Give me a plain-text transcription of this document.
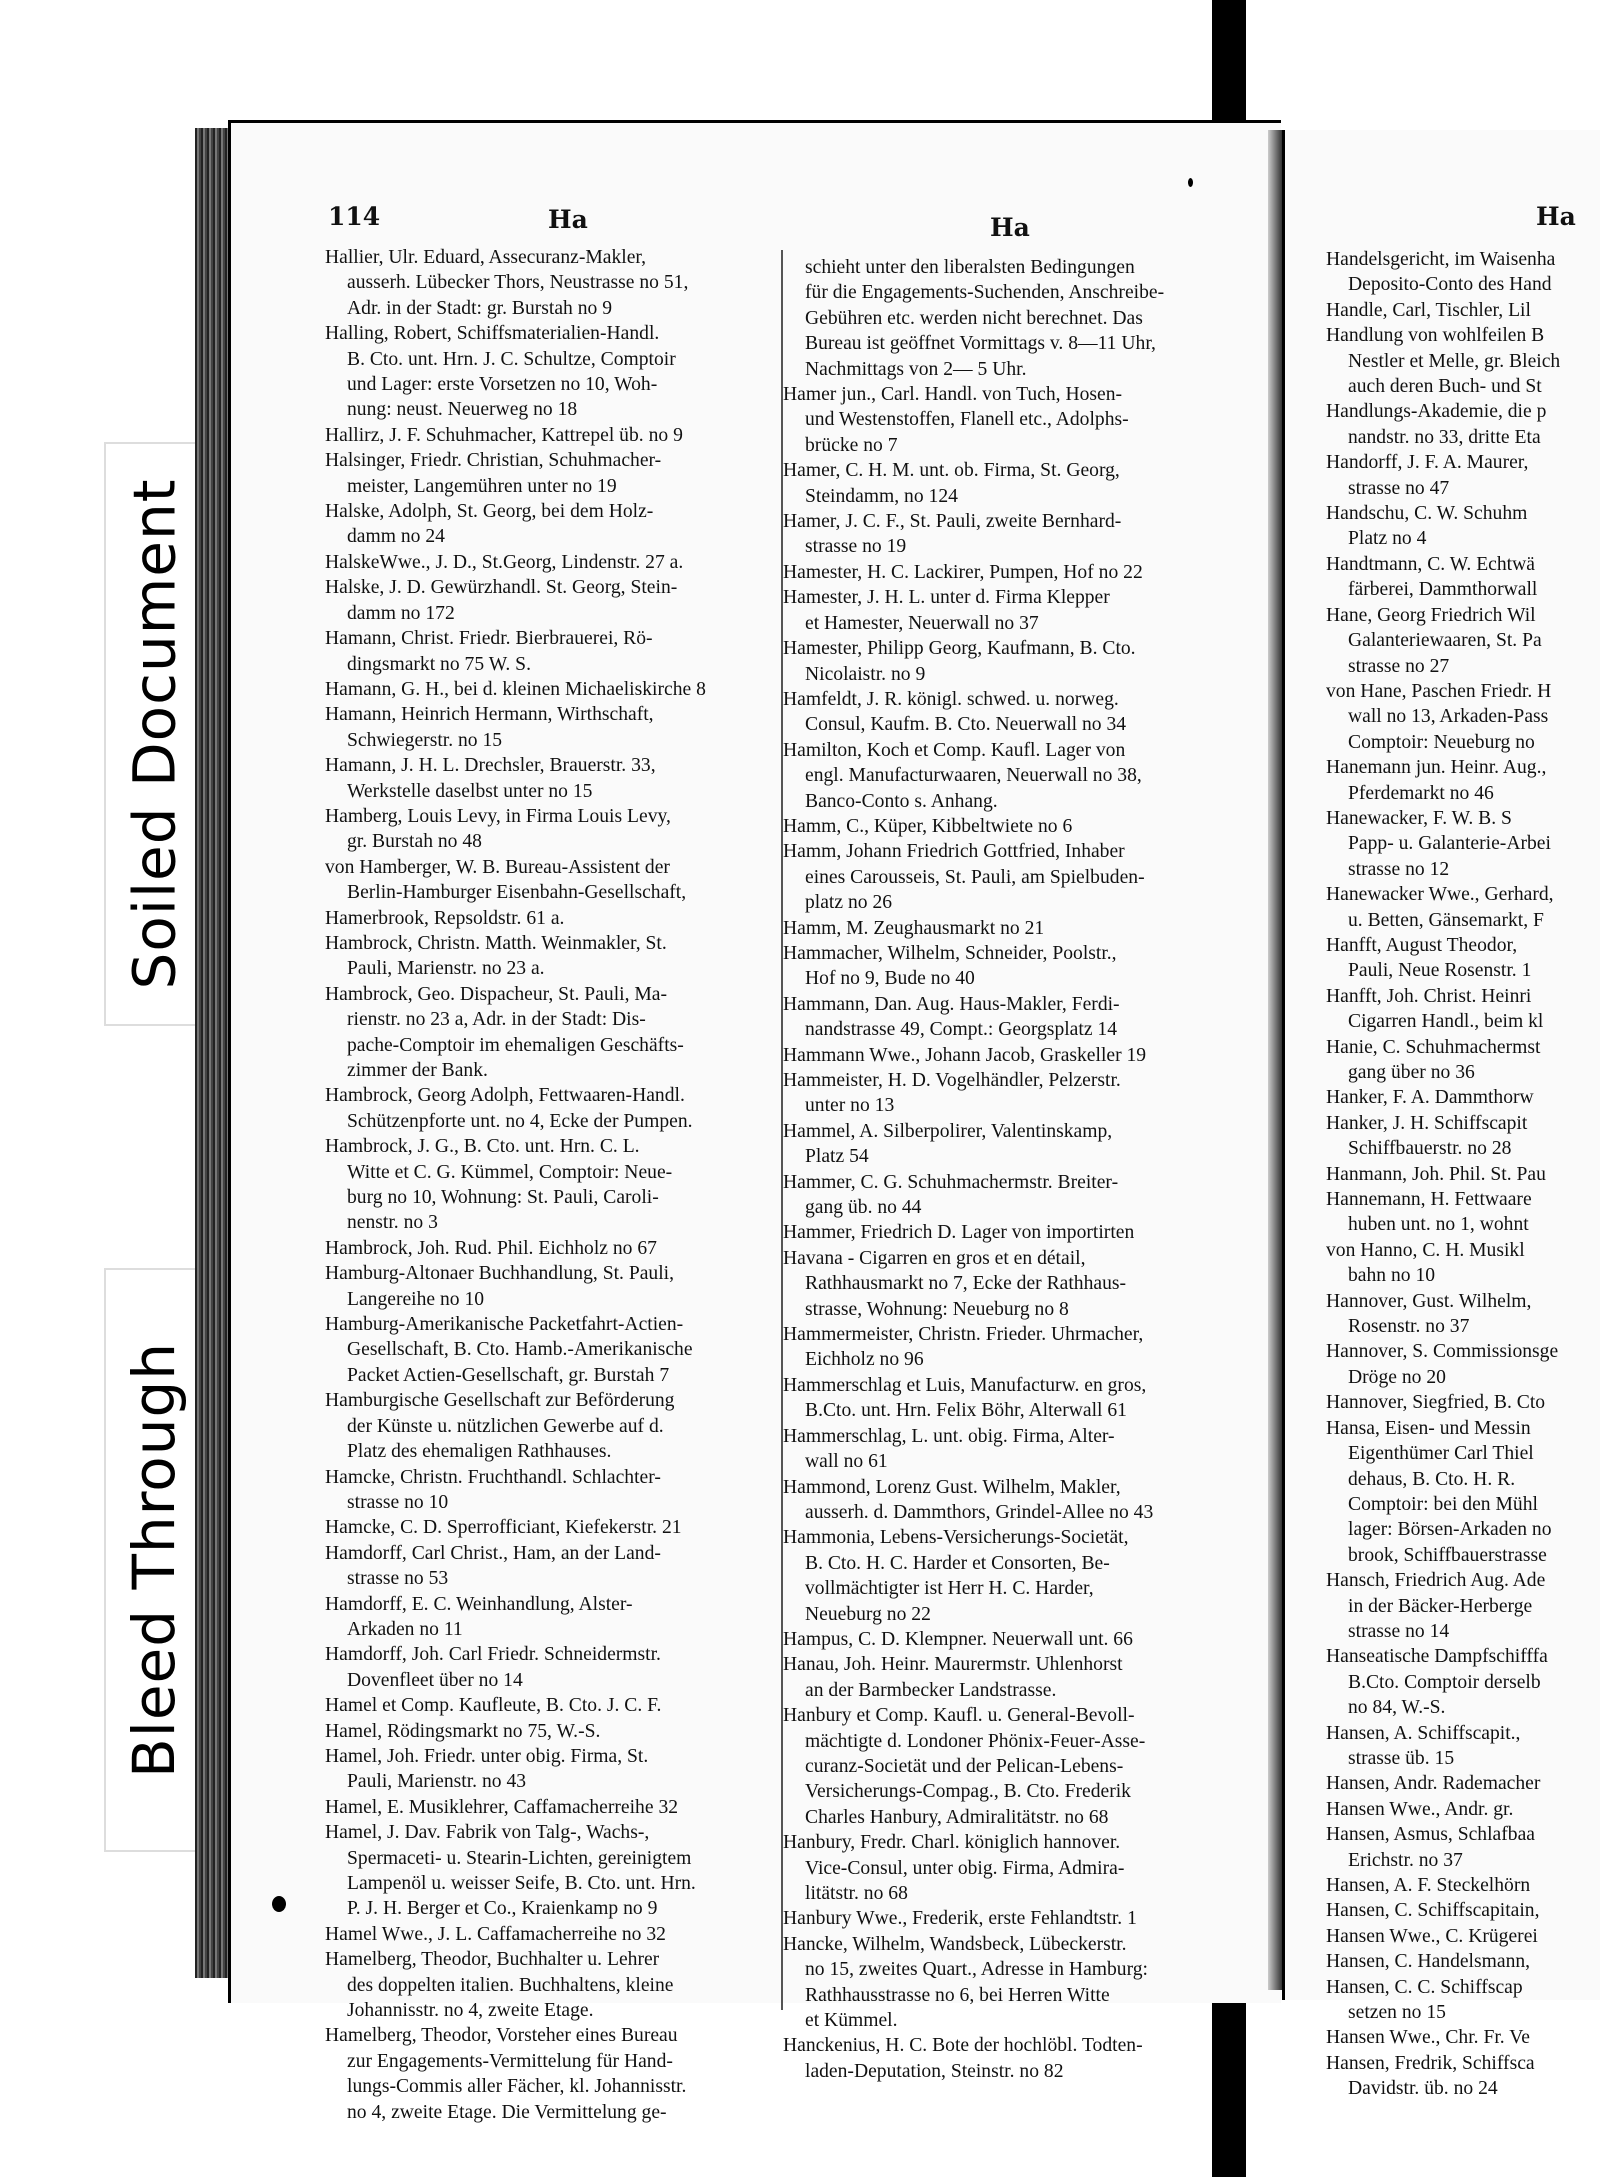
Soiled Document
Bleed Through
114	Ha	Ha	Ha
Hallier, Ulr. Eduard, Assecuranz-Makler,
ausserh. Lübecker Thors, Neustrasse no 51,
Adr. in der Stadt: gr. Burstah no 9
Halling, Robert, Schiffsmaterialien-Handl.
B. Cto. unt. Hrn. J. C. Schultze, Comptoir
und Lager: erste Vorsetzen no 10, Woh-
nung: neust. Neuerweg no 18
Hallirz, J. F. Schuhmacher, Kattrepel üb. no 9
Halsinger, Friedr. Christian, Schuhmacher-
meister, Langemühren unter no 19
Halske, Adolph, St. Georg, bei dem Holz-
damm no 24
HalskeWwe., J. D., St.Georg, Lindenstr. 27 a.
Halske, J. D. Gewürzhandl. St. Georg, Stein-
damm no 172
Hamann, Christ. Friedr. Bierbrauerei, Rö-
dingsmarkt no 75 W. S.
Hamann, G. H., bei d. kleinen Michaeliskirche 8
Hamann, Heinrich Hermann, Wirthschaft,
Schwiegerstr. no 15
Hamann, J. H. L. Drechsler, Brauerstr. 33,
Werkstelle daselbst unter no 15
Hamberg, Louis Levy, in Firma Louis Levy,
gr. Burstah no 48
von Hamberger, W. B. Bureau-Assistent der
Berlin-Hamburger Eisenbahn-Gesellschaft,
Hamerbrook, Repsoldstr. 61 a.
Hambrock, Christn. Matth. Weinmakler, St.
Pauli, Marienstr. no 23 a.
Hambrock, Geo. Dispacheur, St. Pauli, Ma-
rienstr. no 23 a, Adr. in der Stadt: Dis-
pache-Comptoir im ehemaligen Geschäfts-
zimmer der Bank.
Hambrock, Georg Adolph, Fettwaaren-Handl.
Schützenpforte unt. no 4, Ecke der Pumpen.
Hambrock, J. G., B. Cto. unt. Hrn. C. L.
Witte et C. G. Kümmel, Comptoir: Neue-
burg no 10, Wohnung: St. Pauli, Caroli-
nenstr. no 3
Hambrock, Joh. Rud. Phil. Eichholz no 67
Hamburg-Altonaer Buchhandlung, St. Pauli,
Langereihe no 10
Hamburg-Amerikanische Packetfahrt-Actien-
Gesellschaft, B. Cto. Hamb.-Amerikanische
Packet Actien-Gesellschaft, gr. Burstah 7
Hamburgische Gesellschaft zur Beförderung
der Künste u. nützlichen Gewerbe auf d.
Platz des ehemaligen Rathhauses.
Hamcke, Christn. Fruchthandl. Schlachter-
strasse no 10
Hamcke, C. D. Sperrofficiant, Kiefekerstr. 21
Hamdorff, Carl Christ., Ham, an der Land-
strasse no 53
Hamdorff, E. C. Weinhandlung, Alster-
Arkaden no 11
Hamdorff, Joh. Carl Friedr. Schneidermstr.
Dovenfleet über no 14
Hamel et Comp. Kaufleute, B. Cto. J. C. F.
Hamel, Rödingsmarkt no 75, W.-S.
Hamel, Joh. Friedr. unter obig. Firma, St.
Pauli, Marienstr. no 43
Hamel, E. Musiklehrer, Caffamacherreihe 32
Hamel, J. Dav. Fabrik von Talg-, Wachs-,
Spermaceti- u. Stearin-Lichten, gereinigtem
Lampenöl u. weisser Seife, B. Cto. unt. Hrn.
P. J. H. Berger et Co., Kraienkamp no 9
Hamel Wwe., J. L. Caffamacherreihe no 32
Hamelberg, Theodor, Buchhalter u. Lehrer
des doppelten italien. Buchhaltens, kleine
Johannisstr. no 4, zweite Etage.
Hamelberg, Theodor, Vorsteher eines Bureau
zur Engagements-Vermittelung für Hand-
lungs-Commis aller Fächer, kl. Johannisstr.
no 4, zweite Etage. Die Vermittelung ge-
schieht unter den liberalsten Bedingungen
für die Engagements-Suchenden, Anschreibe-
Gebühren etc. werden nicht berechnet. Das
Bureau ist geöffnet Vormittags v. 8—11 Uhr,
Nachmittags von 2— 5 Uhr.
Hamer jun., Carl. Handl. von Tuch, Hosen-
und Westenstoffen, Flanell etc., Adolphs-
brücke no 7
Hamer, C. H. M. unt. ob. Firma, St. Georg,
Steindamm, no 124
Hamer, J. C. F., St. Pauli, zweite Bernhard-
strasse no 19
Hamester, H. C. Lackirer, Pumpen, Hof no 22
Hamester, J. H. L. unter d. Firma Klepper
et Hamester, Neuerwall no 37
Hamester, Philipp Georg, Kaufmann, B. Cto.
Nicolaistr. no 9
Hamfeldt, J. R. königl. schwed. u. norweg.
Consul, Kaufm. B. Cto. Neuerwall no 34
Hamilton, Koch et Comp. Kaufl. Lager von
engl. Manufacturwaaren, Neuerwall no 38,
Banco-Conto s. Anhang.
Hamm, C., Küper, Kibbeltwiete no 6
Hamm, Johann Friedrich Gottfried, Inhaber
eines Carousseis, St. Pauli, am Spielbuden-
platz no 26
Hamm, M. Zeughausmarkt no 21
Hammacher, Wilhelm, Schneider, Poolstr.,
Hof no 9, Bude no 40
Hammann, Dan. Aug. Haus-Makler, Ferdi-
nandstrasse 49, Compt.: Georgsplatz 14
Hammann Wwe., Johann Jacob, Graskeller 19
Hammeister, H. D. Vogelhändler, Pelzerstr.
unter no 13
Hammel, A. Silberpolirer, Valentinskamp,
Platz 54
Hammer, C. G. Schuhmachermstr. Breiter-
gang üb. no 44
Hammer, Friedrich D. Lager von importirten
Havana - Cigarren en gros et en détail,
Rathhausmarkt no 7, Ecke der Rathhaus-
strasse, Wohnung: Neueburg no 8
Hammermeister, Christn. Frieder. Uhrmacher,
Eichholz no 96
Hammerschlag et Luis, Manufacturw. en gros,
B.Cto. unt. Hrn. Felix Böhr, Alterwall 61
Hammerschlag, L. unt. obig. Firma, Alter-
wall no 61
Hammond, Lorenz Gust. Wilhelm, Makler,
ausserh. d. Dammthors, Grindel-Allee no 43
Hammonia, Lebens-Versicherungs-Societät,
B. Cto. H. C. Harder et Consorten, Be-
vollmächtigter ist Herr H. C. Harder,
Neueburg no 22
Hampus, C. D. Klempner. Neuerwall unt. 66
Hanau, Joh. Heinr. Maurermstr. Uhlenhorst
an der Barmbecker Landstrasse.
Hanbury et Comp. Kaufl. u. General-Bevoll-
mächtigte d. Londoner Phönix-Feuer-Asse-
curanz-Societät und der Pelican-Lebens-
Versicherungs-Compag., B. Cto. Frederik
Charles Hanbury, Admiralitätstr. no 68
Hanbury, Fredr. Charl. königlich hannover.
Vice-Consul, unter obig. Firma, Admira-
litätstr. no 68
Hanbury Wwe., Frederik, erste Fehlandtstr. 1
Hancke, Wilhelm, Wandsbeck, Lübeckerstr.
no 15, zweites Quart., Adresse in Hamburg:
Rathhausstrasse no 6, bei Herren Witte
et Kümmel.
Hanckenius, H. C. Bote der hochlöbl. Todten-
laden-Deputation, Steinstr. no 82
Handelsgericht, im Waisenha
Deposito-Conto des Hand
Handle, Carl, Tischler, Lil
Handlung von wohlfeilen B
Nestler et Melle, gr. Bleich
auch deren Buch- und St
Handlungs-Akademie, die p
nandstr. no 33, dritte Eta
Handorff, J. F. A. Maurer,
strasse no 47
Handschu, C. W. Schuhm
Platz no 4
Handtmann, C. W. Echtwä
färberei, Dammthorwall
Hane, Georg Friedrich Wil
Galanteriewaaren, St. Pa
strasse no 27
von Hane, Paschen Friedr. H
wall no 13, Arkaden-Pass
Comptoir: Neueburg no
Hanemann jun. Heinr. Aug.,
Pferdemarkt no 46
Hanewacker, F. W. B. S
Papp- u. Galanterie-Arbei
strasse no 12
Hanewacker Wwe., Gerhard,
u. Betten, Gänsemarkt, F
Hanfft, August Theodor,
Pauli, Neue Rosenstr. 1
Hanfft, Joh. Christ. Heinri
Cigarren Handl., beim kl
Hanie, C. Schuhmachermst
gang über no 36
Hanker, F. A. Dammthorw
Hanker, J. H. Schiffscapit
Schiffbauerstr. no 28
Hanmann, Joh. Phil. St. Pau
Hannemann, H. Fettwaare
huben unt. no 1, wohnt
von Hanno, C. H. Musikl
bahn no 10
Hannover, Gust. Wilhelm,
Rosenstr. no 37
Hannover, S. Commissionsge
Dröge no 20
Hannover, Siegfried, B. Cto
Hansa, Eisen- und Messin
Eigenthümer Carl Thiel
dehaus, B. Cto. H. R.
Comptoir: bei den Mühl
lager: Börsen-Arkaden no
brook, Schiffbauerstrasse
Hansch, Friedrich Aug. Ade
in der Bäcker-Herberge
strasse no 14
Hanseatische Dampfschifffa
B.Cto. Comptoir derselb
no 84, W.-S.
Hansen, A. Schiffscapit.,
strasse üb. 15
Hansen, Andr. Rademacher
Hansen Wwe., Andr. gr.
Hansen, Asmus, Schlafbaa
Erichstr. no 37
Hansen, A. F. Steckelhörn
Hansen, C. Schiffscapitain,
Hansen Wwe., C. Krügerei
Hansen, C. Handelsmann,
Hansen, C. C. Schiffscap
setzen no 15
Hansen Wwe., Chr. Fr. Ve
Hansen, Fredrik, Schiffsca
Davidstr. üb. no 24
